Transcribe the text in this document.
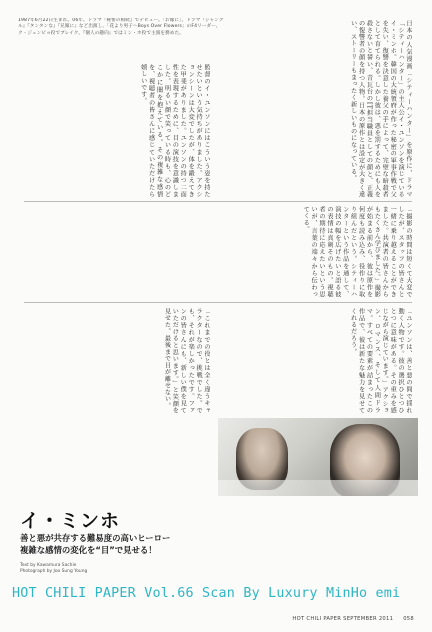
1987年6月22日生まれ。06年、ドラマ『秘密の相続』でデビュー。「お嫁に」、ドラマ『ジャングル』『タンタンな』『兄嫁に』など出演し、「花より男子〜Boys Over Flowers」のF4リーダー、ク・ジュンピョ役でブレイク。『個人の趣向』ではミン・ホ役で主演を務めた。	日本の人気漫画「シティーハンター」を原作に、ドラマ「シティーハンター」の主人公イ・ユンソンを演じているイ・ミンホ。韓国の大統領府が作った秘密の軍事作戦で父を失い、復讐を決意した養父の手によって、完璧な暗殺者として育てられる。しかし彼は、悪を罰するためにも人を殺さないと誓い、青瓦台のIT担当職員としての顔と、正義の復讐者の顔を持つ人物。日本の原作とは設定が大きく違い、ストーリーもまったく新しいものになっている。
監督のイ・ユンソンにはこういう姿を持たせたいという気持ちがありました。アクションシーンは大変でしたが、体を鍛えてきた甲斐がありました。ユンソンの持つ二面性を表現するために、目の演技を意識しました。明るい顔で笑っている時も、心のどこかに闇を抱えている。その複雑な感情を、視聴者の皆さんに感じていただけたら嬉しいです。
「撮影の時間は短くて大変でしたが、スタッフの皆さんと一緒に乗り越えることができました。共演者の皆さんからもたくさん学びました。」撮影が始まる前から、彼は原作を何度も読み込み、役作りに取り組んだという。シティーハンターという作品を通して、演技の幅を広げたいと語る彼の表情は真剣そのもの。視聴者の期待に応えたいという思いが、言葉の端々から伝わってくる。
「ユンソンは、善と悪の間で揺れ動く人物です。彼の選択ひとつひとつに意味がある。その重みを感じながら演じています。」アクション、ロマンス、そして人間ドラマ。すべての要素が詰まったこの作品で、彼は新たな魅力を見せてくれるだろう。
「これまでの役とは全く違うキャラクターなので、挑戦でした。でも、それが楽しかったです。ファンの皆さんにも、新しい僕を見ていただけると思います。」と笑顔を見せた。最後まで目が離せない。
イ・ミンホ
善と悪が共存する難易度の高いヒーロー
複雑な感情の変化を“目”で見せる！
Text by Kawamura Sachie
Photograph by Joo Sung Young
HOT CHILI PAPER Vol.66 Scan By Luxury MinHo emi
HOT CHILI PAPER SEPTEMBER 2011 058
